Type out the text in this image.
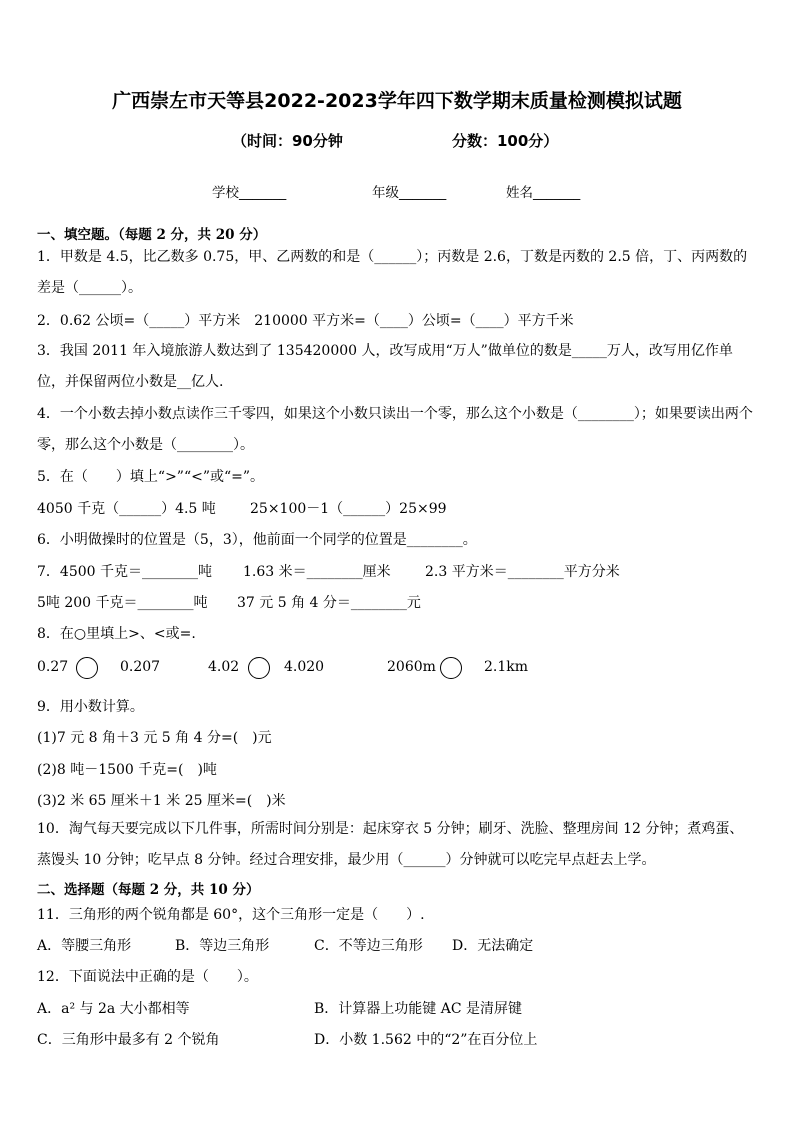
广西崇左市天等县2022-2023学年四下数学期末质量检测模拟试题
（时间：90分钟	分数：100分）
学校_______	年级_______	姓名_______
一、填空题。（每题 2 分，共 20 分）
1．甲数是 4.5，比乙数多 0.75，甲、乙两数的和是（______）；丙数是 2.6，丁数是丙数的 2.5 倍，丁、丙两数的差是（______）。
2．0.62 公顷=（_____）平方米　210000 平方米=（____）公顷=（____）平方千米
3．我国 2011 年入境旅游人数达到了 135420000 人，改写成用“万人”做单位的数是_____万人，改写用亿作单位，并保留两位小数是__亿人.
4．一个小数去掉小数点读作三千零四，如果这个小数只读出一个零，那么这个小数是（________）；如果要读出两个零，那么这个小数是（________）。
5．在（　　）填上“>”“<”或“=”。
4050 千克（______）4.5 吨 25×100－1（______）25×99
6．小明做操时的位置是（5，3），他前面一个同学的位置是________。
7．4500 千克＝________吨 1.63 米＝________厘米 2.3 平方米＝________平方分米
5吨 200 千克＝________吨 37 元 5 角 4 分＝________元
8．在○里填上>、<或=.
0.27	0.207	4.02	4.020	2060m	2.1km
9．用小数计算。
(1)7 元 8 角＋3 元 5 角 4 分=(　)元
(2)8 吨－1500 千克=(　)吨
(3)2 米 65 厘米＋1 米 25 厘米=(　)米
10．淘气每天要完成以下几件事，所需时间分别是：起床穿衣 5 分钟；刷牙、洗脸、整理房间 12 分钟；煮鸡蛋、蒸馒头 10 分钟；吃早点 8 分钟。经过合理安排，最少用（______）分钟就可以吃完早点赶去上学。
二、选择题（每题 2 分，共 10 分）
11．三角形的两个锐角都是 60°，这个三角形一定是（　　）.
A．等腰三角形	B．等边三角形	C．不等边三角形 D．无法确定
12．下面说法中正确的是（　　）。
A．a² 与 2a 大小都相等	B．计算器上功能键 AC 是清屏键
C．三角形中最多有 2 个锐角	D．小数 1.562 中的“2”在百分位上
